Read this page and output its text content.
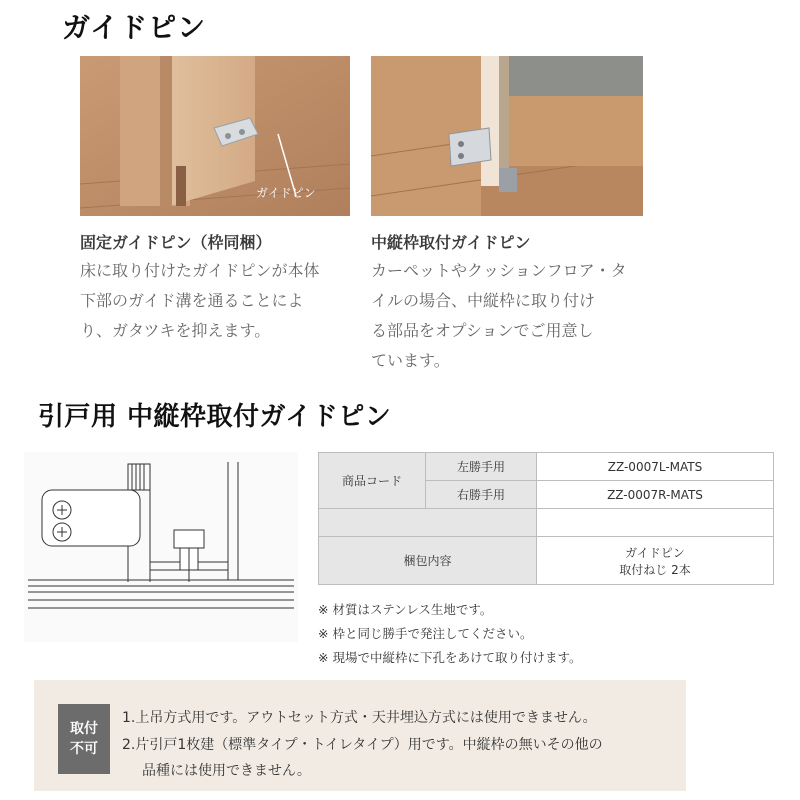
ガイドピン
ガイドピン
固定ガイドピン（枠同梱）
床に取り付けたガイドピンが本体
下部のガイド溝を通ることによ
り、ガタツキを抑えます。
中縦枠取付ガイドピン
カーペットやクッションフロア・タ
イルの場合、中縦枠に取り付け
る部品をオプションでご用意し
ています。
引戸用 中縦枠取付ガイドピン
商品コード	左勝手用	ZZ-0007L-MATS
	右勝手用	ZZ-0007R-MATS

梱包内容		ガイドピン
取付ねじ 2本
※ 材質はステンレス生地です。
※ 枠と同じ勝手で発注してください。
※ 現場で中縦枠に下孔をあけて取り付けます。
取付
不可
1.上吊方式用です。アウトセット方式・天井埋込方式には使用できません。
2.片引戸1枚建（標準タイプ・トイレタイプ）用です。中縦枠の無いその他の
品種には使用できません。
